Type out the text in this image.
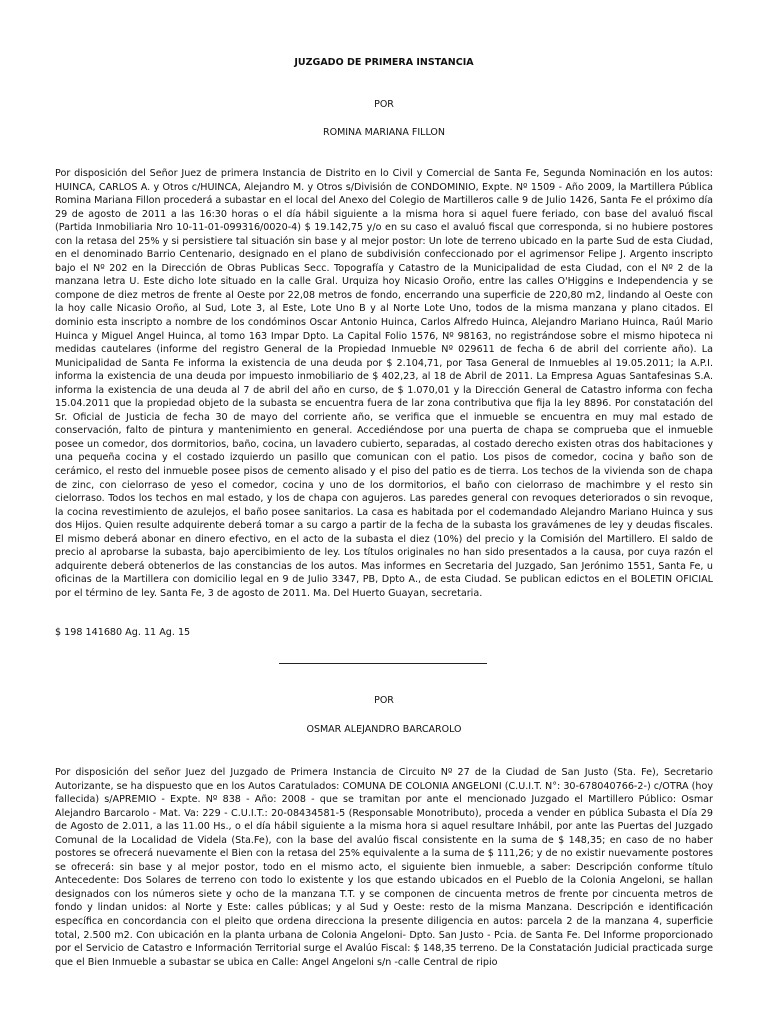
JUZGADO DE PRIMERA INSTANCIA
POR
ROMINA MARIANA FILLON
Por disposición del Señor Juez de primera Instancia de Distrito en lo Civil y Comercial de Santa Fe, Segunda Nominación en los autos: HUINCA, CARLOS A. y Otros c/HUINCA, Alejandro M. y Otros s/División de CONDOMINIO, Expte. Nº 1509 - Año 2009, la Martillera Pública Romina Mariana Fillon procederá a subastar en el local del Anexo del Colegio de Martilleros calle 9 de Julio 1426, Santa Fe el próximo día 29 de agosto de 2011 a las 16:30 horas o el día hábil siguiente a la misma hora si aquel fuere feriado, con base del avaluó fiscal (Partida Inmobiliaria Nro 10-11-01-099316/0020-4) $ 19.142,75 y/o en su caso el avaluó fiscal que corresponda, si no hubiere postores con la retasa del 25% y si persistiere tal situación sin base y al mejor postor: Un lote de terreno ubicado en la parte Sud de esta Ciudad, en el denominado Barrio Centenario, designado en el plano de subdivisión confeccionado por el agrimensor Felipe J. Argento inscripto bajo el Nº 202 en la Dirección de Obras Publicas Secc. Topografía y Catastro de la Municipalidad de esta Ciudad, con el Nº 2 de la manzana letra U. Este dicho lote situado en la calle Gral. Urquiza hoy Nicasio Oroño, entre las calles O'Higgins e Independencia y se compone de diez metros de frente al Oeste por 22,08 metros de fondo, encerrando una superficie de 220,80 m2, lindando al Oeste con la hoy calle Nicasio Oroño, al Sud, Lote 3, al Este, Lote Uno B y al Norte Lote Uno, todos de la misma manzana y plano citados. El dominio esta inscripto a nombre de los condóminos Oscar Antonio Huinca, Carlos Alfredo Huinca, Alejandro Mariano Huinca, Raúl Mario Huinca y Miguel Angel Huinca, al tomo 163 Impar Dpto. La Capital Folio 1576, Nº 98163, no registrándose sobre el mismo hipoteca ni medidas cautelares (informe del registro General de la Propiedad Inmueble Nº 029611 de fecha 6 de abril del corriente año). La Municipalidad de Santa Fe informa la existencia de una deuda por $ 2.104,71, por Tasa General de Inmuebles al 19.05.2011; la A.P.I. informa la existencia de una deuda por impuesto inmobiliario de $ 402,23, al 18 de Abril de 2011. La Empresa Aguas Santafesinas S.A. informa la existencia de una deuda al 7 de abril del año en curso, de $ 1.070,01 y la Dirección General de Catastro informa con fecha 15.04.2011 que la propiedad objeto de la subasta se encuentra fuera de lar zona contributiva que fija la ley 8896. Por constatación del Sr. Oficial de Justicia de fecha 30 de mayo del corriente año, se verifica que el inmueble se encuentra en muy mal estado de conservación, falto de pintura y mantenimiento en general. Accediéndose por una puerta de chapa se comprueba que el inmueble posee un comedor, dos dormitorios, baño, cocina, un lavadero cubierto, separadas, al costado derecho existen otras dos habitaciones y una pequeña cocina y el costado izquierdo un pasillo que comunican con el patio. Los pisos de comedor, cocina y baño son de cerámico, el resto del inmueble posee pisos de cemento alisado y el piso del patio es de tierra. Los techos de la vivienda son de chapa de zinc, con cielorraso de yeso el comedor, cocina y uno de los dormitorios, el baño con cielorraso de machimbre y el resto sin cielorraso. Todos los techos en mal estado, y los de chapa con agujeros. Las paredes general con revoques deteriorados o sin revoque, la cocina revestimiento de azulejos, el baño posee sanitarios. La casa es habitada por el codemandado Alejandro Mariano Huinca y sus dos Hijos. Quien resulte adquirente deberá tomar a su cargo a partir de la fecha de la subasta los gravámenes de ley y deudas fiscales. El mismo deberá abonar en dinero efectivo, en el acto de la subasta el diez (10%) del precio y la Comisión del Martillero. El saldo de precio al aprobarse la subasta, bajo apercibimiento de ley. Los títulos originales no han sido presentados a la causa, por cuya razón el adquirente deberá obtenerlos de las constancias de los autos. Mas informes en Secretaria del Juzgado, San Jerónimo 1551, Santa Fe, u oficinas de la Martillera con domicilio legal en 9 de Julio 3347, PB, Dpto A., de esta Ciudad. Se publican edictos en el BOLETIN OFICIAL por el término de ley. Santa Fe, 3 de agosto de 2011. Ma. Del Huerto Guayan, secretaria.
$ 198 141680 Ag. 11 Ag. 15
POR
OSMAR ALEJANDRO BARCAROLO
Por disposición del señor Juez del Juzgado de Primera Instancia de Circuito Nº 27 de la Ciudad de San Justo (Sta. Fe), Secretario Autorizante, se ha dispuesto que en los Autos Caratulados: COMUNA DE COLONIA ANGELONI (C.U.I.T. N°: 30-678040766-2-) c/OTRA (hoy fallecida) s/APREMIO - Expte. Nº 838 - Año: 2008 - que se tramitan por ante el mencionado Juzgado el Martillero Público: Osmar Alejandro Barcarolo - Mat. Va: 229 - C.U.I.T.: 20-08434581-5 (Responsable Monotributo), proceda a vender en pública Subasta el Día 29 de Agosto de 2.011, a las 11.00 Hs., o el día hábil siguiente a la misma hora si aquel resultare Inhábil, por ante las Puertas del Juzgado Comunal de la Localidad de Videla (Sta.Fe), con la base del avalúo fiscal consistente en la suma de $ 148,35; en caso de no haber postores se ofrecerá nuevamente el Bien con la retasa del 25% equivalente a la suma de $ 111,26; y de no existir nuevamente postores se ofrecerá: sin base y al mejor postor, todo en el mismo acto, el siguiente bien inmueble, a saber: Descripción conforme título Antecedente: Dos Solares de terreno con todo lo existente y los que estando ubicados en el Pueblo de la Colonia Angeloni, se hallan designados con los números siete y ocho de la manzana T.T. y se componen de cincuenta metros de frente por cincuenta metros de fondo y lindan unidos: al Norte y Este: calles públicas; y al Sud y Oeste: resto de la misma Manzana. Descripción e identificación específica en concordancia con el pleito que ordena direcciona la presente diligencia en autos: parcela 2 de la manzana 4, superficie total, 2.500 m2. Con ubicación en la planta urbana de Colonia Angeloni- Dpto. San Justo - Pcia. de Santa Fe. Del Informe proporcionado por el Servicio de Catastro e Información Territorial surge el Avalúo Fiscal: $ 148,35 terreno. De la Constatación Judicial practicada surge que el Bien Inmueble a subastar se ubica en Calle: Angel Angeloni s/n -calle Central de ripio
